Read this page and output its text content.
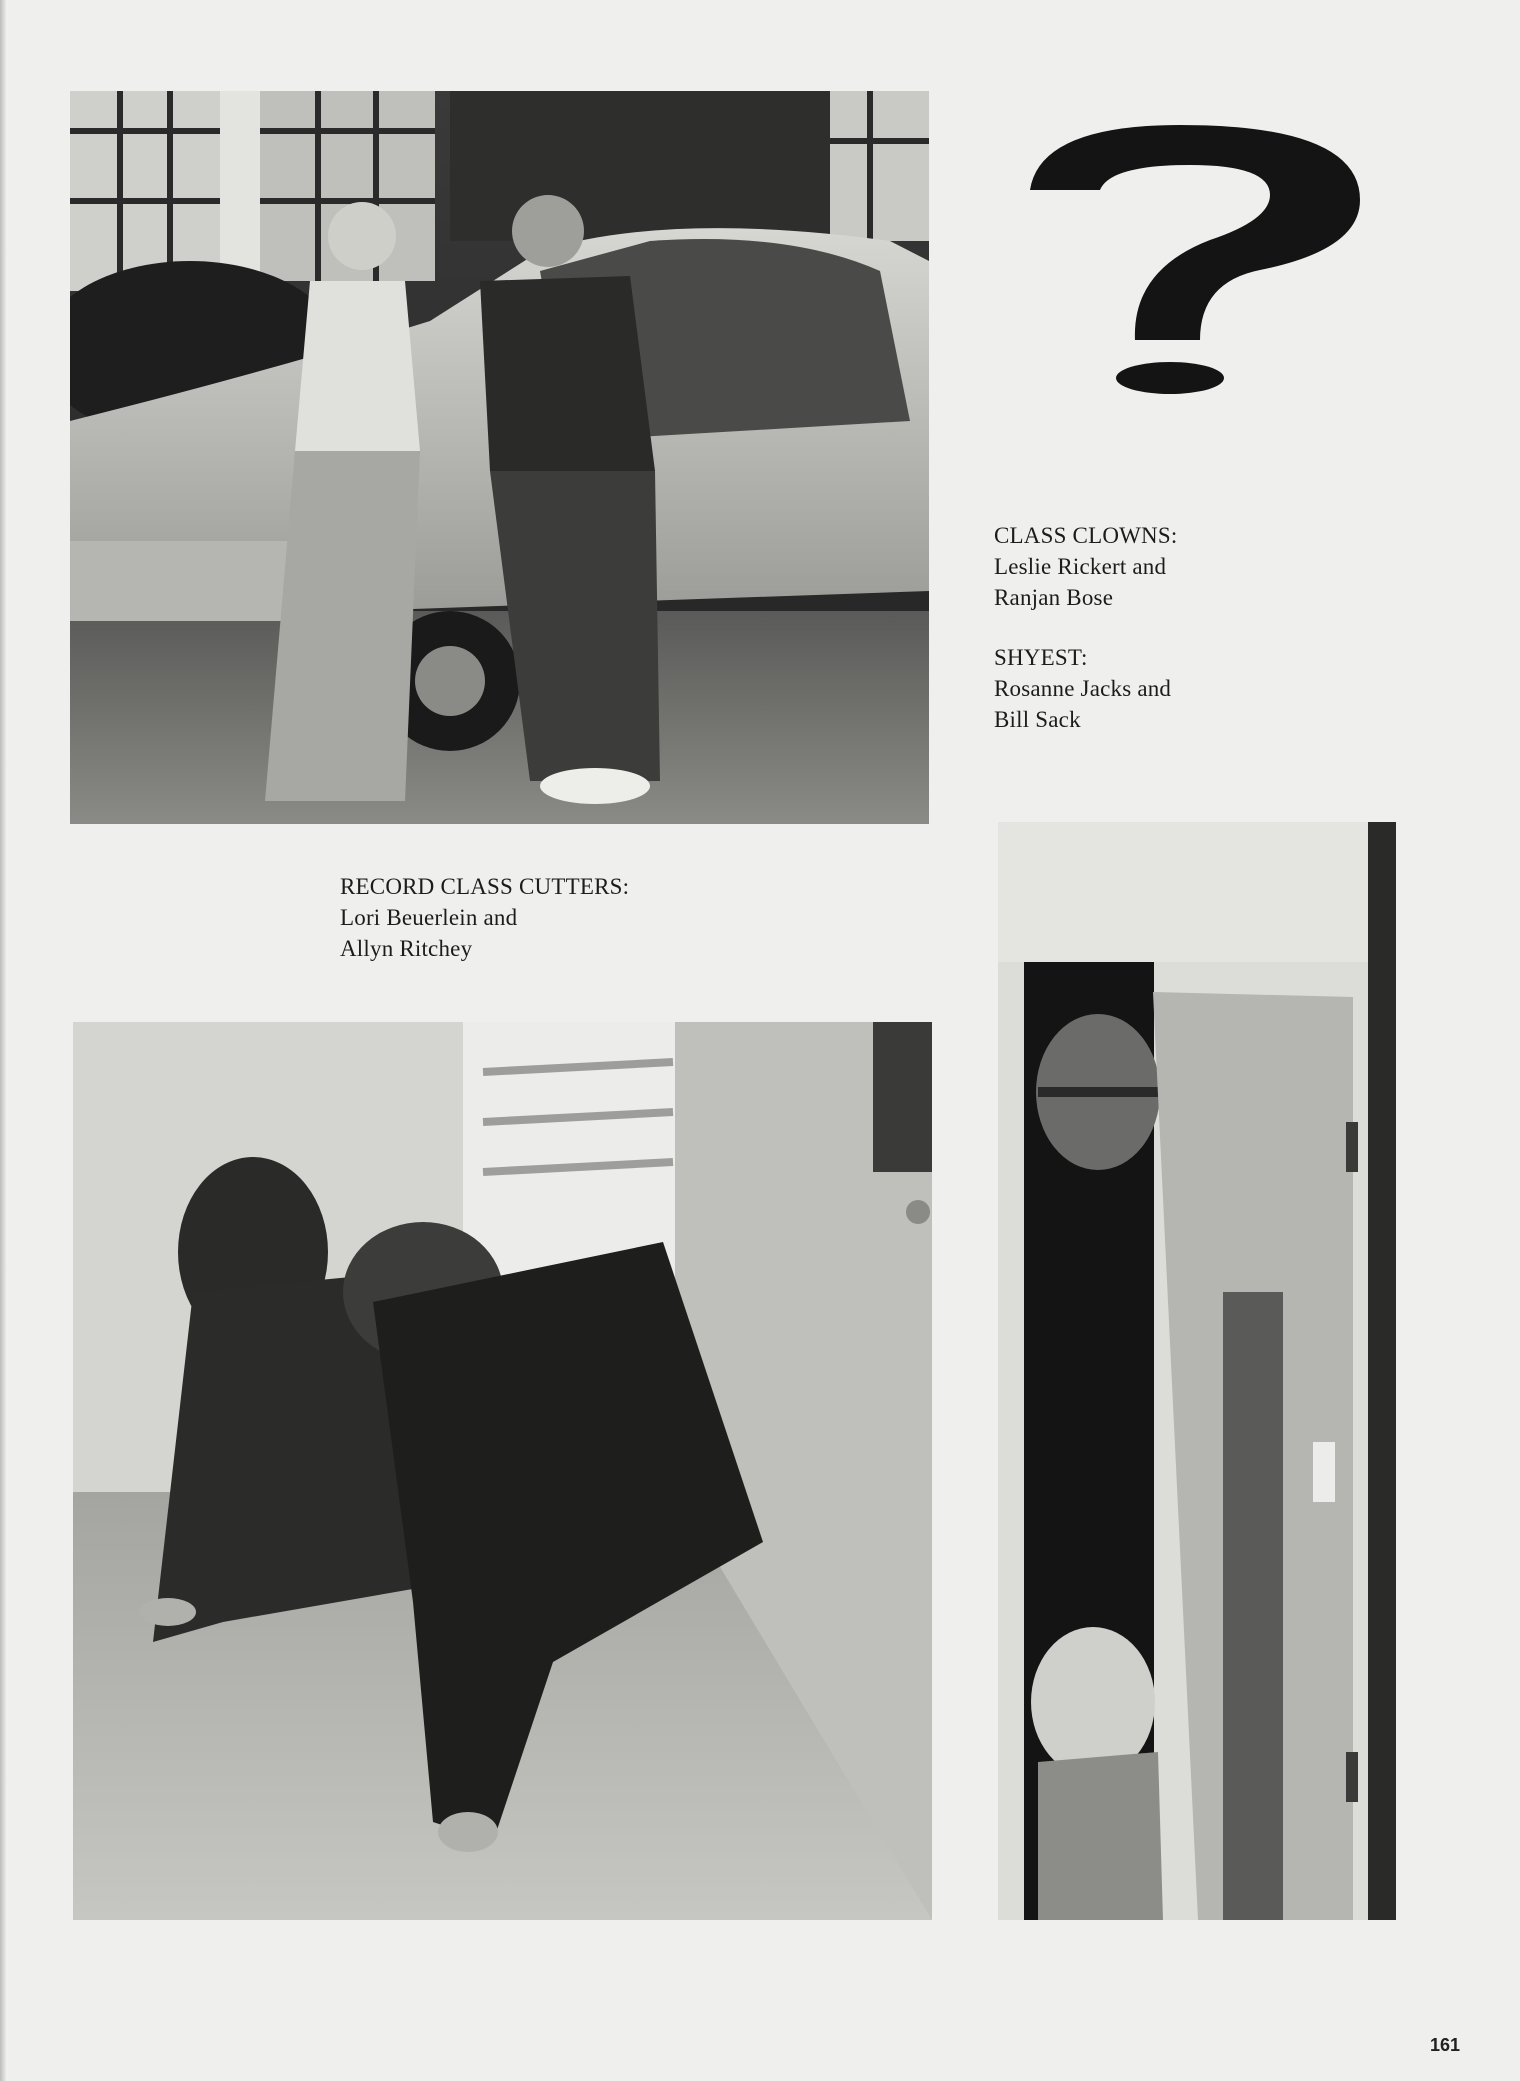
CLASS CLOWNS:
Leslie Rickert and
Ranjan Bose
SHYEST:
Rosanne Jacks and
Bill Sack
RECORD CLASS CUTTERS:
Lori Beuerlein and
Allyn Ritchey
161
